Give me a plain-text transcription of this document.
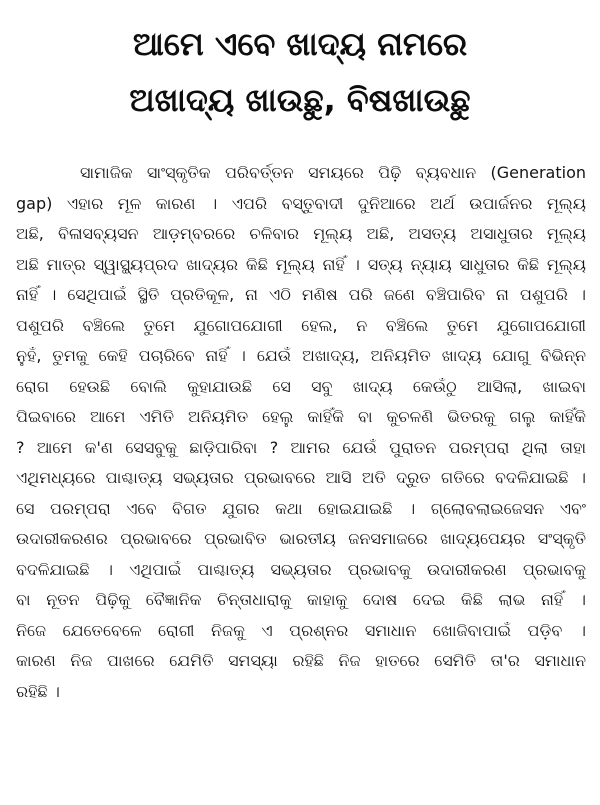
ଆମେ ଏବେ ଖାଦ୍ୟ ନାମରେ
ଅଖାଦ୍ୟ ଖାଉଛୁ, ବିଷଖାଉଛୁ
ସାମାଜିକ ସାଂସ୍କୃତିକ ପରିବର୍ତ୍ତନ ସମୟରେ ପିଢ଼ି ବ୍ୟବଧାନ (Generation
gap) ଏହାର ମୂଳ କାରଣ । ଏପରି ବସ୍ତୁବାଦୀ ଦୁନିଆରେ ଅର୍ଥ ଉପାର୍ଜନର ମୂଲ୍ୟ
ଅଛି, ବିଳାସବ୍ୟସନ ଆଡ଼ମ୍ବରରେ ଚଳିବାର ମୂଲ୍ୟ ଅଛି, ଅସତ୍ୟ ଅସାଧୁତାର ମୂଲ୍ୟ
ଅଛି ମାତ୍ର ସ୍ୱାସ୍ଥ୍ୟପ୍ରଦ ଖାଦ୍ୟର କିଛି ମୂଲ୍ୟ ନାହିଁ । ସତ୍ୟ ନ୍ୟାୟ ସାଧୁତାର କିଛି ମୂଲ୍ୟ
ନାହିଁ । ସେଥିପାଇଁ ସ୍ଥିତି ପ୍ରତିକୂଳ, ନା ଏଠି ମଣିଷ ପରି ଜଣେ ବଞ୍ଚିପାରିବ ନା ପଶୁପରି ।
ପଶୁପରି ବଞ୍ଚିଲେ ତୁମେ ଯୁଗୋପଯୋଗୀ ହେଲ, ନ ବଞ୍ଚିଲେ ତୁମେ ଯୁଗୋପଯୋଗୀ
ନୁହଁ, ତୁମକୁ କେହି ପଚାରିବେ ନାହିଁ । ଯେଉଁ ଅଖାଦ୍ୟ, ଅନିୟମିତ ଖାଦ୍ୟ ଯୋଗୁ ବିଭିନ୍ନ
ରୋଗ ହେଉଛି ବୋଲି କୁହାଯାଉଛି ସେ ସବୁ ଖାଦ୍ୟ କେଉଁଠୁ ଆସିଲା, ଖାଇବା
ପିଇବାରେ ଆମେ ଏମିତି ଅନିୟମିତ ହେଲୁ କାହିଁକି ବା କୁଚଳଣି ଭିତରକୁ ଗଲୁ କାହିଁକି
? ଆମେ କ'ଣ ସେସବୁକୁ ଛାଡ଼ିପାରିବା ? ଆମର ଯେଉଁ ପୁରାତନ ପରମ୍ପରା ଥିଲା ତାହା
ଏଥିମଧ୍ୟରେ ପାଶ୍ଚାତ୍ୟ ସଭ୍ୟତାର ପ୍ରଭାବରେ ଆସି ଅତି ଦ୍ରୁତ ଗତିରେ ବଦଳିଯାଇଛି ।
ସେ ପରମ୍ପରା ଏବେ ବିଗତ ଯୁଗର କଥା ହୋଇଯାଇଛି । ଗ୍ଲୋବଲାଇଜେସନ ଏବଂ
ଉଦାରୀକରଣର ପ୍ରଭାବରେ ପ୍ରଭାବିତ ଭାରତୀୟ ଜନସମାଜରେ ଖାଦ୍ୟପେୟର ସଂସ୍କୃତି
ବଦଳିଯାଇଛି । ଏଥିପାଇଁ ପାଶ୍ଚାତ୍ୟ ସଭ୍ୟତାର ପ୍ରଭାବକୁ ଉଦାରୀକରଣ ପ୍ରଭାବକୁ
ବା ନୂତନ ପିଢ଼ିକୁ ବୈଜ୍ଞାନିକ ଚିନ୍ତାଧାରାକୁ କାହାକୁ ଦୋଷ ଦେଇ କିଛି ଲାଭ ନାହିଁ ।
ନିଜେ ଯେତେବେଳେ ରୋଗୀ ନିଜକୁ ଏ ପ୍ରଶ୍ନର ସମାଧାନ ଖୋଜିବାପାଇଁ ପଡ଼ିବ ।
କାରଣ ନିଜ ପାଖରେ ଯେମିତି ସମସ୍ୟା ରହିଛି ନିଜ ହାତରେ ସେମିତି ତା'ର ସମାଧାନ
ରହିଛି ।
